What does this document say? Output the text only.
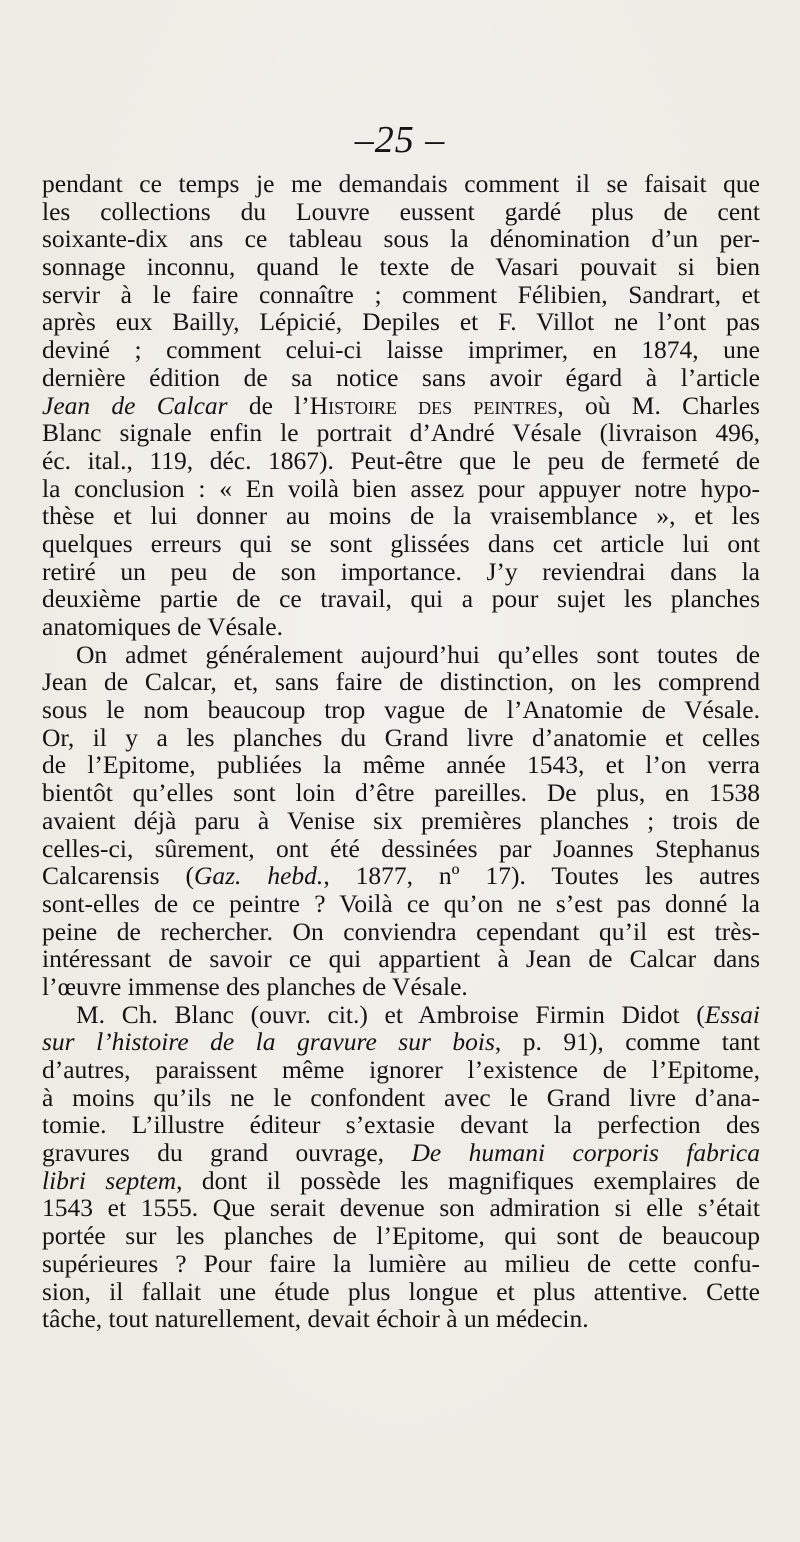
–25 –
pendant ce temps je me demandais comment il se faisait que
les collections du Louvre eussent gardé plus de cent
soixante-dix ans ce tableau sous la dénomination d’un per-
sonnage inconnu, quand le texte de Vasari pouvait si bien
servir à le faire connaître ; comment Félibien, Sandrart, et
après eux Bailly, Lépicié, Depiles et F. Villot ne l’ont pas
deviné ; comment celui-ci laisse imprimer, en 1874, une
dernière édition de sa notice sans avoir égard à l’article
Jean de Calcar de l’Histoire des peintres, où M. Charles
Blanc signale enfin le portrait d’André Vésale (livraison 496,
éc. ital., 119, déc. 1867). Peut-être que le peu de fermeté de
la conclusion : « En voilà bien assez pour appuyer notre hypo-
thèse et lui donner au moins de la vraisemblance », et les
quelques erreurs qui se sont glissées dans cet article lui ont
retiré un peu de son importance. J’y reviendrai dans la
deuxième partie de ce travail, qui a pour sujet les planches
anatomiques de Vésale.
On admet généralement aujourd’hui qu’elles sont toutes de
Jean de Calcar, et, sans faire de distinction, on les comprend
sous le nom beaucoup trop vague de l’Anatomie de Vésale.
Or, il y a les planches du Grand livre d’anatomie et celles
de l’Epitome, publiées la même année 1543, et l’on verra
bientôt qu’elles sont loin d’être pareilles. De plus, en 1538
avaient déjà paru à Venise six premières planches ; trois de
celles-ci, sûrement, ont été dessinées par Joannes Stephanus
Calcarensis (Gaz. hebd., 1877, nº 17). Toutes les autres
sont-elles de ce peintre ? Voilà ce qu’on ne s’est pas donné la
peine de rechercher. On conviendra cependant qu’il est très-
intéressant de savoir ce qui appartient à Jean de Calcar dans
l’œuvre immense des planches de Vésale.
M. Ch. Blanc (ouvr. cit.) et Ambroise Firmin Didot (Essai
sur l’histoire de la gravure sur bois, p. 91), comme tant
d’autres, paraissent même ignorer l’existence de l’Epitome,
à moins qu’ils ne le confondent avec le Grand livre d’ana-
tomie. L’illustre éditeur s’extasie devant la perfection des
gravures du grand ouvrage, De humani corporis fabrica
libri septem, dont il possède les magnifiques exemplaires de
1543 et 1555. Que serait devenue son admiration si elle s’était
portée sur les planches de l’Epitome, qui sont de beaucoup
supérieures ? Pour faire la lumière au milieu de cette confu-
sion, il fallait une étude plus longue et plus attentive. Cette
tâche, tout naturellement, devait échoir à un médecin.
